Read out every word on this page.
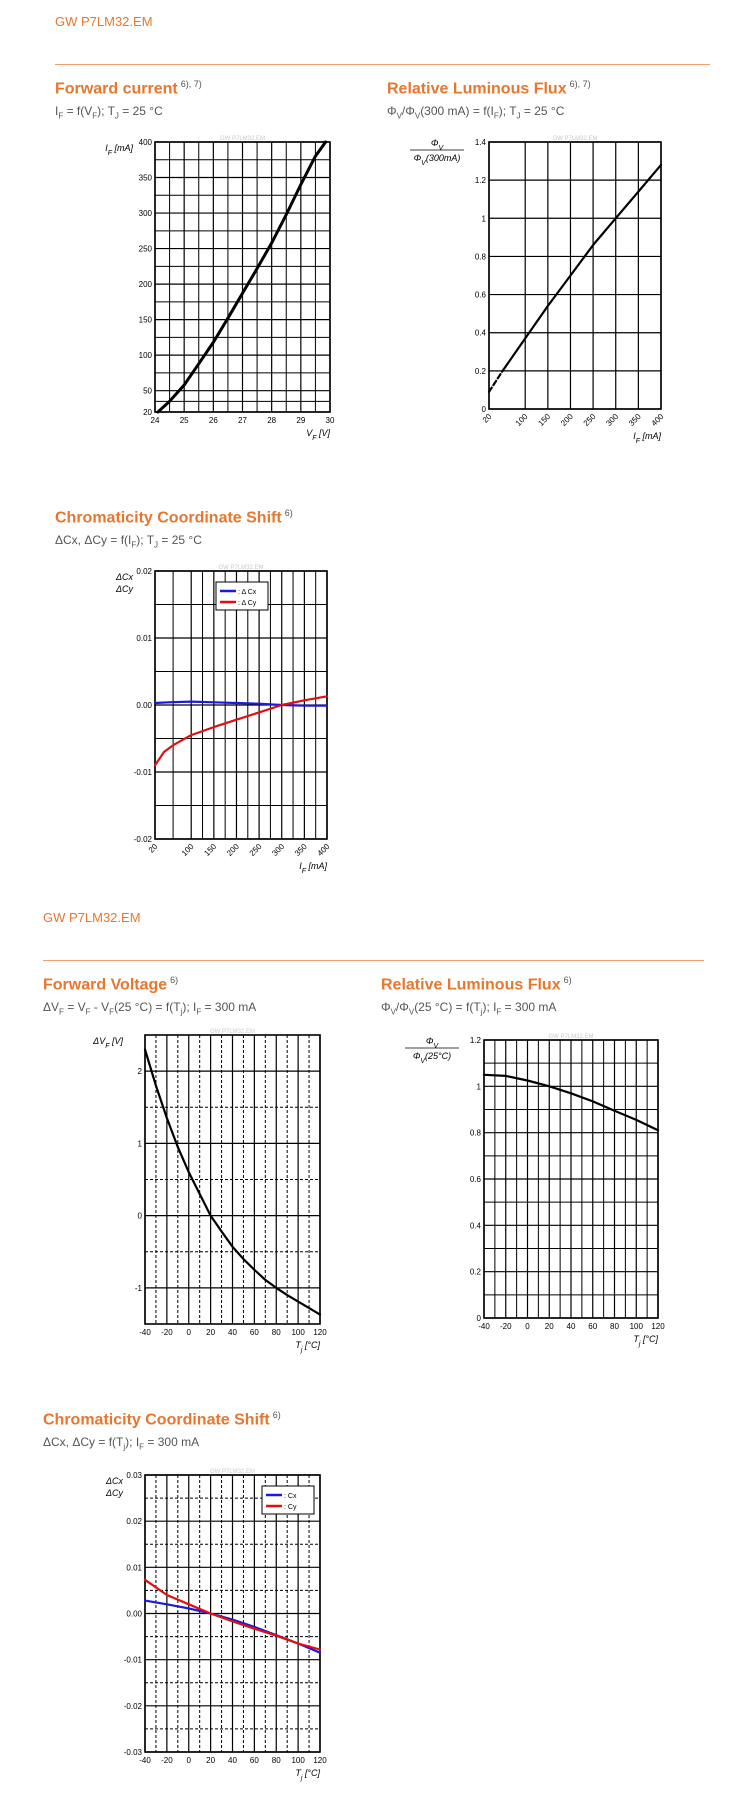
GW P7LM32.EM
Forward current $^{6), 7)}$
$I_F = f(V_F)$; $T_J = 25$ °C
Relative Luminous Flux $^{6), 7)}$
$\Phi_V/\Phi_V(300$ $mA) = f(I_F)$; $T_J = 25$ °C
Chromaticity Coordinate Shift $^{6)}$
ΔCx, $\Delta Cy = f(I_F)$; $T_J = 25$ °C
GW P7LM32.EM
Forward Voltage $^{6)}$
$\Delta V_F = V_F - V_F(25$ $^\circ C) = f(T_j)$; $I_F = 300$ mA
Relative Luminous Flux $^{6)}$
$\Phi_V/\Phi_V(25$ $^\circ C) = f(T_j)$; $I_F = 300$ mA
Chromaticity Coordinate Shift $^{6)}$
ΔCx, $\Delta Cy = f(T_j)$; $I_F = 300$ mA
GW P7LM32.EM
20
50
100
150
200
250
300
350
400
24	25	26	27	28	29	30
$V_F$ [V]
$I_F$ [mA]
GW P7LM32.EM
0
0.2
0.4
0.6
0.8
1
1.2
1.4
20	100 150 200 250 300 350 400
$I_F$ [mA]
$\Phi_V$
$\Phi_V(300mA)$
GW P7LM32.EM
-0.02
-0.01
0.00
0.01
0.02
20	100 150 200 250 300 350 400
$I_F$ [mA]
ΔCx
ΔCy	: Δ Cx
: Δ Cy
GW P7LM32.EM
-1
0
1
2
-40 -20 0 20 40 60 80 100 120
$T_j$ [°C]
$\Delta V_F$ [V]	GW P7LM32.EM
0
0.2
0.4
0.6
0.8
1
1.2
-40 -20 0 20 40 60 80 100 120
$T_j$ [°C]
$\Phi_V$
$\Phi_V(25^\circ C)$
GW P7LM32.EM
-0.03
-0.02
-0.01
0.00
0.01
0.02
0.03
-40 -20 0 20 40 60 80 100 120
$T_j$ [°C]
ΔCx
ΔCy	: Cx
: Cy
